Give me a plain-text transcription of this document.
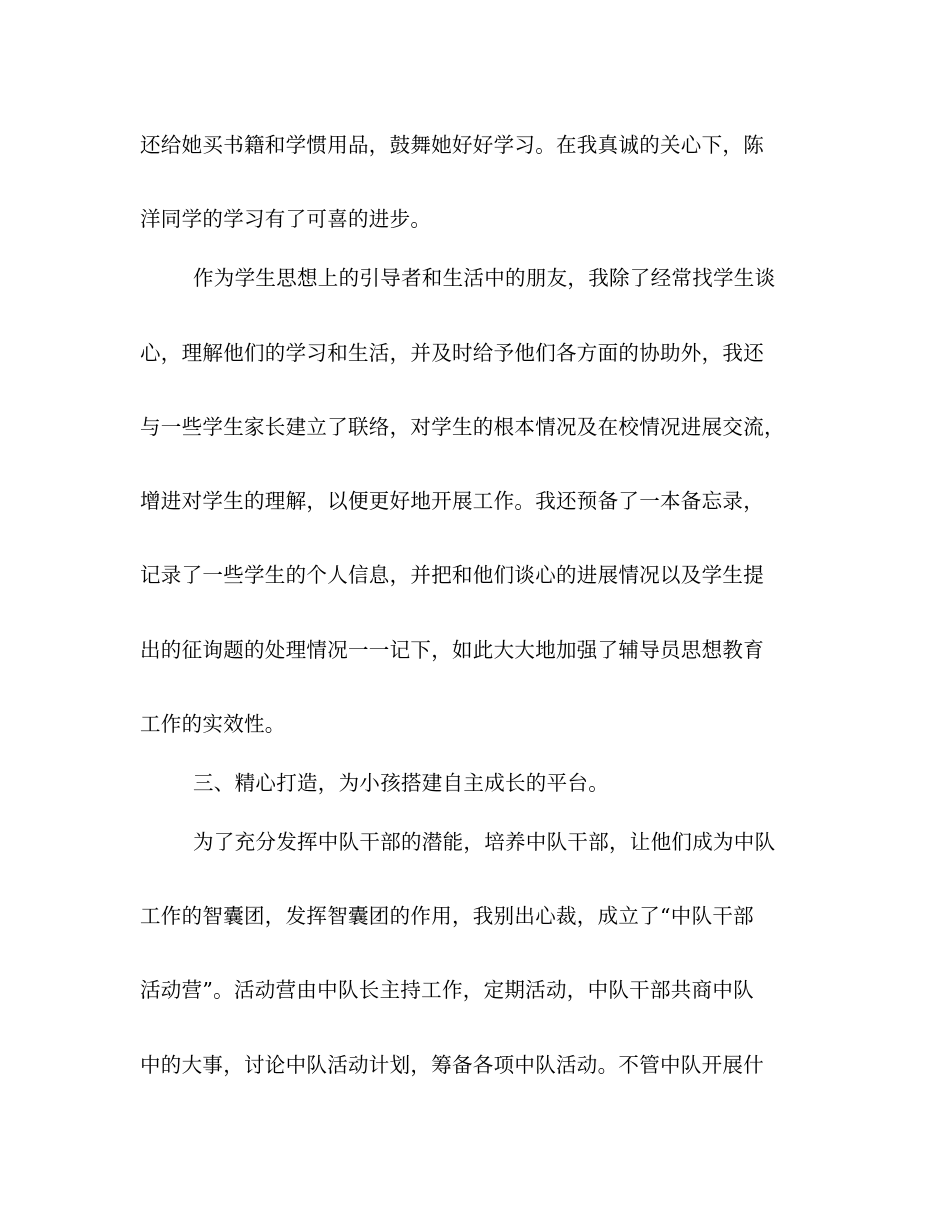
还给她买书籍和学惯用品，鼓舞她好好学习。在我真诚的关心下，陈
洋同学的学习有了可喜的进步。
作为学生思想上的引导者和生活中的朋友，我除了经常找学生谈
心，理解他们的学习和生活，并及时给予他们各方面的协助外，我还
与一些学生家长建立了联络，对学生的根本情况及在校情况进展交流，
增进对学生的理解，以便更好地开展工作。我还预备了一本备忘录，
记录了一些学生的个人信息，并把和他们谈心的进展情况以及学生提
出的征询题的处理情况一一记下，如此大大地加强了辅导员思想教育
工作的实效性。
三、精心打造，为小孩搭建自主成长的平台。
为了充分发挥中队干部的潜能，培养中队干部，让他们成为中队
工作的智囊团，发挥智囊团的作用，我别出心裁，成立了“中队干部
活动营”。活动营由中队长主持工作，定期活动，中队干部共商中队
中的大事，讨论中队活动计划，筹备各项中队活动。不管中队开展什
